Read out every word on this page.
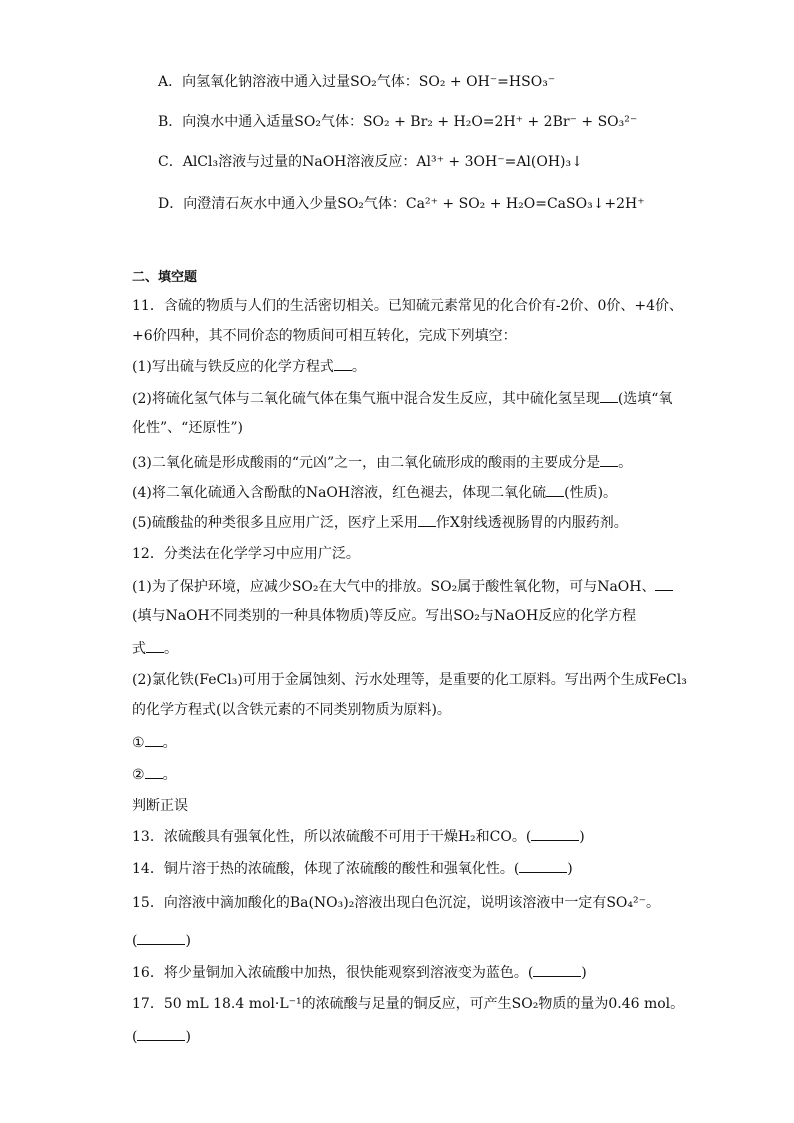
A．向氢氧化钠溶液中通入过量SO₂气体：SO₂ + OH⁻=HSO₃⁻
B．向溴水中通入适量SO₂气体：SO₂ + Br₂ + H₂O=2H⁺ + 2Br⁻ + SO₃²⁻
C．AlCl₃溶液与过量的NaOH溶液反应：Al³⁺ + 3OH⁻=Al(OH)₃↓
D．向澄清石灰水中通入少量SO₂气体：Ca²⁺ + SO₂ + H₂O=CaSO₃↓+2H⁺
二、填空题
11．含硫的物质与人们的生活密切相关。已知硫元素常见的化合价有-2价、0价、+4价、
+6价四种，其不同价态的物质间可相互转化，完成下列填空：
(1)写出硫与铁反应的化学方程式 。
(2)将硫化氢气体与二氧化硫气体在集气瓶中混合发生反应，其中硫化氢呈现 (选填“氧
化性”、“还原性”)
(3)二氧化硫是形成酸雨的“元凶”之一，由二氧化硫形成的酸雨的主要成分是 。
(4)将二氧化硫通入含酚酞的NaOH溶液，红色褪去，体现二氧化硫 (性质)。
(5)硫酸盐的种类很多且应用广泛，医疗上采用 作X射线透视肠胃的内服药剂。
12．分类法在化学学习中应用广泛。
(1)为了保护环境，应减少SO₂在大气中的排放。SO₂属于酸性氧化物，可与NaOH、
(填与NaOH不同类别的一种具体物质)等反应。写出SO₂与NaOH反应的化学方程
式 。
(2)氯化铁(FeCl₃)可用于金属蚀刻、污水处理等，是重要的化工原料。写出两个生成FeCl₃
的化学方程式(以含铁元素的不同类别物质为原料)。
① 。
② 。
判断正误
13．浓硫酸具有强氧化性，所以浓硫酸不可用于干燥H₂和CO。(	)
14．铜片溶于热的浓硫酸，体现了浓硫酸的酸性和强氧化性。(	)
15．向溶液中滴加酸化的Ba(NO₃)₂溶液出现白色沉淀，说明该溶液中一定有SO₄²⁻。
(	)
16．将少量铜加入浓硫酸中加热，很快能观察到溶液变为蓝色。(	)
17．50 mL 18.4 mol·L⁻¹的浓硫酸与足量的铜反应，可产生SO₂物质的量为0.46 mol。
(	)
